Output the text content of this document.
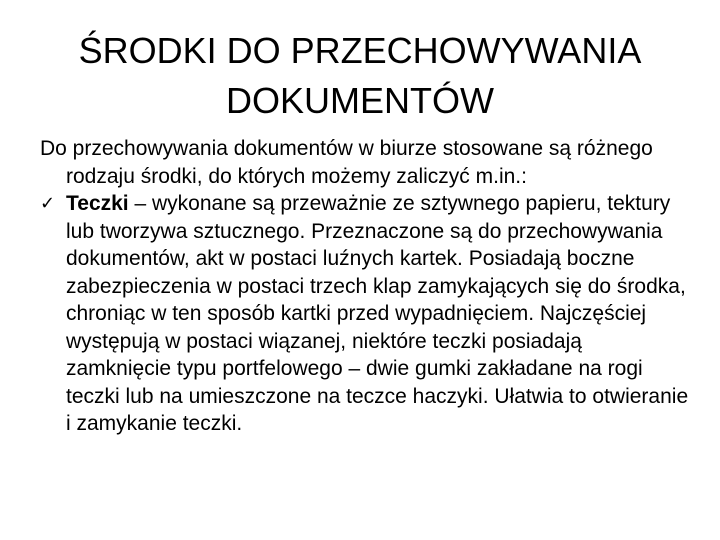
ŚRODKI DO PRZECHOWYWANIA
DOKUMENTÓW
Do przechowywania dokumentów w biurze stosowane są różnego rodzaju środki, do których możemy zaliczyć m.in.:
✓ Teczki – wykonane są przeważnie ze sztywnego papieru, tektury lub tworzywa sztucznego. Przeznaczone są do przechowywania dokumentów, akt w postaci luźnych kartek. Posiadają boczne zabezpieczenia w postaci trzech klap zamykających się do środka, chroniąc w ten sposób kartki przed wypadnięciem. Najczęściej występują w postaci wiązanej, niektóre teczki posiadają zamknięcie typu portfelowego – dwie gumki zakładane na rogi teczki lub na umieszczone na teczce haczyki. Ułatwia to otwieranie i zamykanie teczki.
